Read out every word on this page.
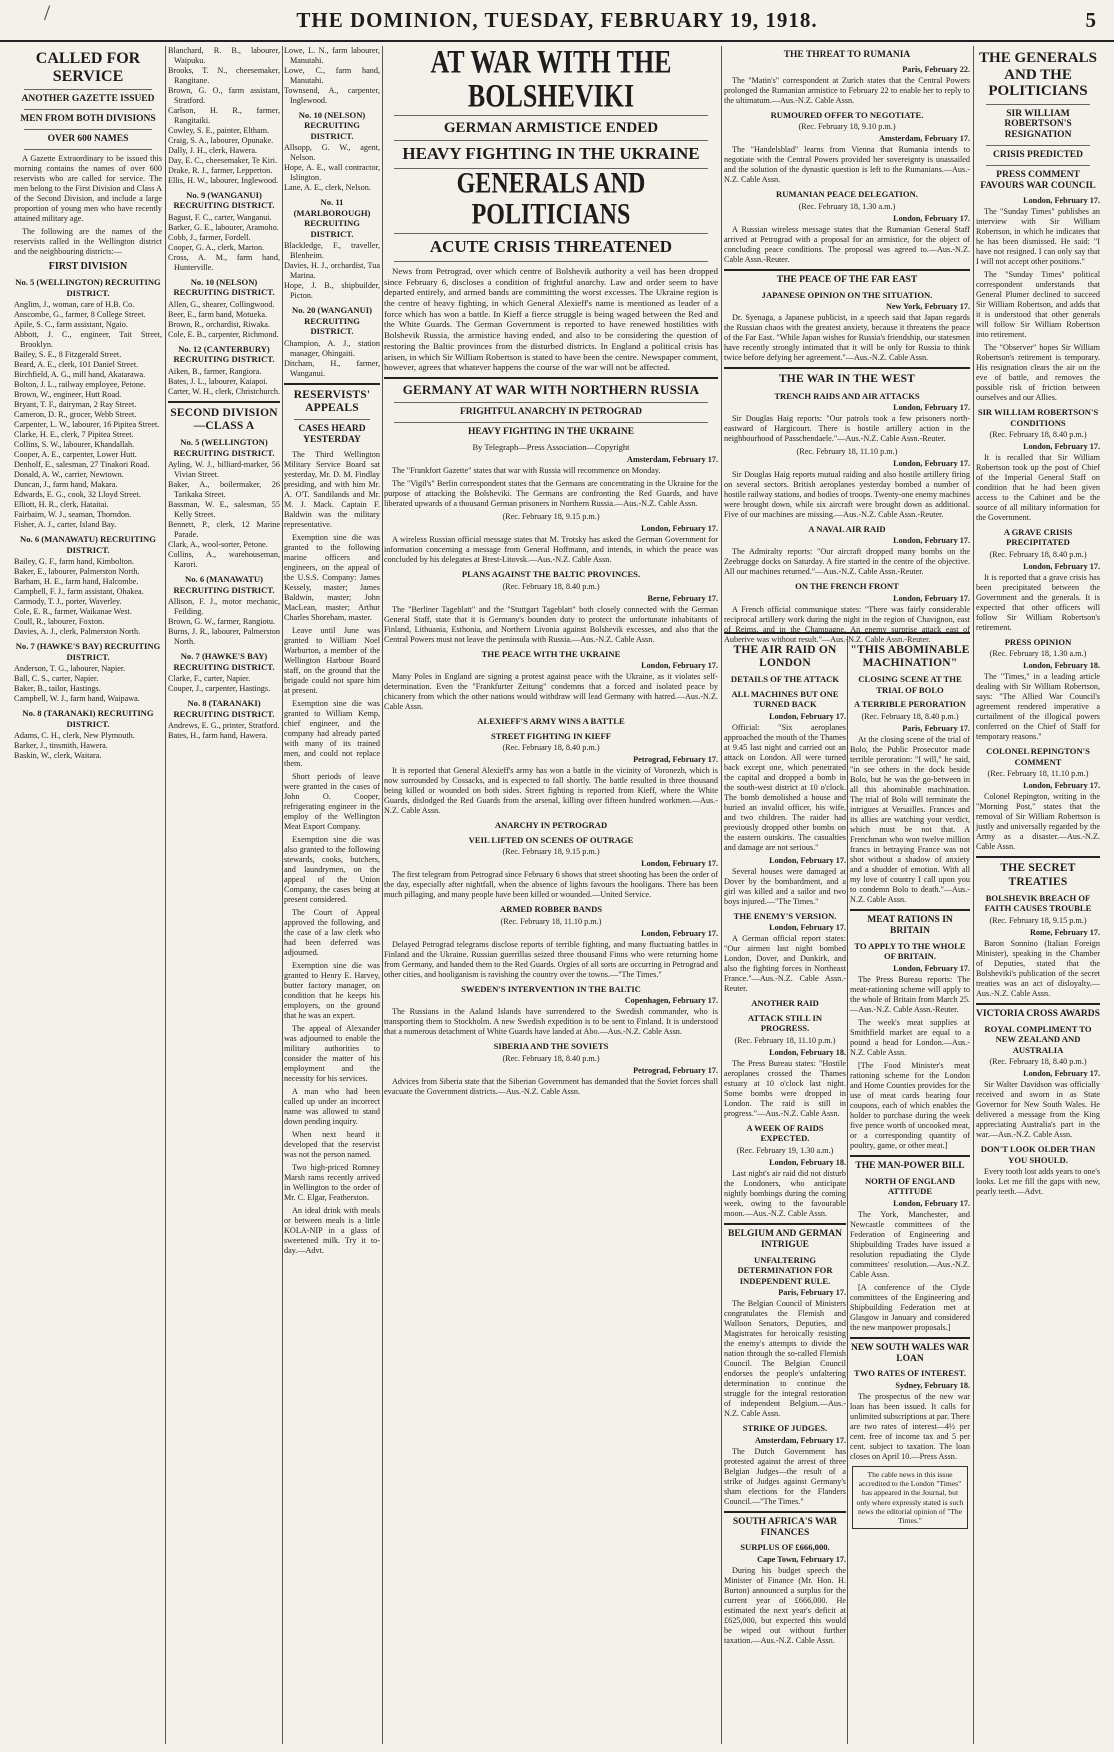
/	THE DOMINION, TUESDAY, FEBRUARY 19, 1918.	5
CALLED FOR SERVICE
ANOTHER GAZETTE ISSUED
MEN FROM BOTH DIVISIONS
OVER 600 NAMES

A Gazette Extraordinary to be issued this morning contains the names of over 600 reservists who are called for service. The men belong to the First Division and Class A of the Second Division, and include a large proportion of young men who have recently attained military age.

The following are the names of the reservists called in the Wellington district and the neighbouring districts:—

FIRST DIVISION
No. 5 (WELLINGTON) RECRUITING DISTRICT.
Anglim, J., woman, care of H.B. Co.
Anscombe, G., farmer, 8 College Street.
Apile, S. C., farm assistant, Ngaio.
Abbott, J. C., engineer, Tait Street, Brooklyn.
Bailey, S. E., 8 Fitzgerald Street.
Beard, A. E., clerk, 101 Daniel Street.
Birchfield, A. G., mill hand, Akatarawa.
Bolton, J. L., railway employee, Petone.
Brown, W., engineer, Hutt Road.
Bryant, T. F., dairyman, 2 Ray Street.
Cameron, D. R., grocer, Webb Street.
Carpenter, L. W., labourer, 16 Pipitea Street.
Clarke, H. E., clerk, 7 Pipitea Street.
Collins, S. W., labourer, Khandallah.
Cooper, A. E., carpenter, Lower Hutt.
Denholf, E., salesman, 27 Tinakori Road.
Donald, A. W., carrier, Newtown.
Duncan, J., farm hand, Makara.
Edwards, E. G., cook, 32 Lloyd Street.
Elliott, H. R., clerk, Hataitai.
Fairbairn, W. J., seaman, Thorndon.
Fisher, A. J., carter, Island Bay.
No. 6 (MANAWATU) RECRUITING DISTRICT.
Bailey, G. F., farm hand, Kimbolton.
Baker, E., labourer, Palmerston North.
Barham, H. E., farm hand, Halcombe.
Campbell, F. J., farm assistant, Ohakea.
Carmody, T. J., porter, Waverley.
Cole, E. R., farmer, Waikanae West.
Coull, R., labourer, Foxton.
Davies, A. J., clerk, Palmerston North.
No. 7 (HAWKE'S BAY) RECRUITING DISTRICT.
Anderson, T. G., labourer, Napier.
Ball, C. S., carter, Napier.
Baker, B., tailor, Hastings.
Campbell, W. J., farm hand, Waipawa.
No. 8 (TARANAKI) RECRUITING DISTRICT.
Adams, C. H., clerk, New Plymouth.
Barker, J., tinsmith, Hawera.
Baskin, W., clerk, Waitara.
Blanchard, R. B., labourer, Waipuku.
Brooks, T. N., cheesemaker, Rangitane.
Brown, G. O., farm assistant, Stratford.
Carlson, H. R., farmer, Rangitaiki.
Cowley, S. E., painter, Eltham.
Craig, S. A., labourer, Opunake.
Dally, J. H., clerk, Hawera.
Day, E. C., cheesemaker, Te Kiri.
Drake, R. J., farmer, Lepperton.
Ellis, H. W., labourer, Inglewood.
No. 9 (WANGANUI) RECRUITING DISTRICT.
Bagust, F. C., carter, Wanganui.
Barker, G. E., labourer, Aramoho.
Cobb, J., farmer, Fordell.
Cooper, G. A., clerk, Marton.
Cross, A. M., farm hand, Hunterville.
No. 10 (NELSON) RECRUITING DISTRICT.
Allen, G., shearer, Collingwood.
Beer, E., farm hand, Motueka.
Brown, R., orchardist, Riwaka.
Cole, E. B., carpenter, Richmond.
No. 12 (CANTERBURY) RECRUITING DISTRICT.
Aiken, B., farmer, Rangiora.
Bates, J. L., labourer, Kaiapoi.
Carter, W. H., clerk, Christchurch.
SECOND DIVISION—CLASS A
No. 5 (WELLINGTON) RECRUITING DISTRICT.
Ayling, W. J., billiard-marker, 56 Vivian Street.
Baker, A., boilermaker, 26 Tarikaka Street.
Bassman, W. E., salesman, 55 Kelly Street.
Bennett, P., clerk, 12 Marine Parade.
Clark, A., wool-sorter, Petone.
Collins, A., warehouseman, Karori.
No. 6 (MANAWATU) RECRUITING DISTRICT.
Allison, F. J., motor mechanic, Feilding.
Brown, G. W., farmer, Rangiotu.
Burns, J. R., labourer, Palmerston North.
No. 7 (HAWKE'S BAY) RECRUITING DISTRICT.
Clarke, F., carter, Napier.
Couper, J., carpenter, Hastings.
No. 8 (TARANAKI) RECRUITING DISTRICT.
Andrews, E. G., printer, Stratford.
Bates, H., farm hand, Hawera.
Lowe, L. N., farm labourer, Manutahi.
Lowe, C., farm hand, Manutahi.
Townsend, A., carpenter, Inglewood.
No. 10 (NELSON) RECRUITING DISTRICT.
Allsopp, G. W., agent, Nelson.
Hope, A. E., wall contractor, Islington.
Lane, A. E., clerk, Nelson.
No. 11 (MARLBOROUGH) RECRUITING DISTRICT.
Blackledge, F., traveller, Blenheim.
Davies, H. J., orchardist, Tua Marina.
Hope, J. B., shipbuilder, Picton.
No. 20 (WANGANUI) RECRUITING DISTRICT.
Champion, A. J., station manager, Ohingaiti.
Ditcham, H., farmer, Wanganui.
RESERVISTS' APPEALS
CASES HEARD YESTERDAY

The Third Wellington Military Service Board sat yesterday, Mr. D. M. Findlay presiding, and with him Mr. A. O'T. Sandilands and Mr. M. J. Mack. Captain F. Baldwin was the military representative.

Exemption sine die was granted to the following marine officers and engineers, on the appeal of the U.S.S. Company: James Kessely, master; James Baldwin, master; John MacLean, master; Arthur Charles Shoreham, master.

Leave until June was granted to William Noel Warburton, a member of the Wellington Harbour Board staff, on the ground that the brigade could not spare him at present.

Exemption sine die was granted to William Kemp, chief engineer, and the company had already parted with many of its trained men, and could not replace them.

Short periods of leave were granted in the cases of John O. Cooper, refrigerating engineer in the employ of the Wellington Meat Export Company.

Exemption sine die was also granted to the following stewards, cooks, butchers, and laundrymen, on the appeal of the Union Company, the cases being at present considered.

The Court of Appeal approved the following, and the case of a law clerk who had been deferred was adjourned.

Exemption sine die was granted to Henry E. Harvey, butter factory manager, on condition that he keeps his employers, on the ground that he was an expert.

The appeal of Alexander was adjourned to enable the military authorities to consider the matter of his employment and the necessity for his services.

A man who had been called up under an incorrect name was allowed to stand down pending inquiry.

When next heard it developed that the reservist was not the person named.

Two high-priced Romney Marsh rams recently arrived in Wellington to the order of Mr. C. Elgar, Featherston.

An ideal drink with meals or between meals is a little KOLA-NIP in a glass of sweetened milk. Try it to-day.—Advt.

AT WAR WITH THE BOLSHEVIKI
GERMAN ARMISTICE ENDED
HEAVY FIGHTING IN THE UKRAINE
GENERALS AND POLITICIANS
ACUTE CRISIS THREATENED

News from Petrograd, over which centre of Bolshevik authority a veil has been dropped since February 6, discloses a condition of frightful anarchy. Law and order seem to have departed entirely, and armed bands are committing the worst excesses. The Ukraine region is the centre of heavy fighting, in which General Alexieff's name is mentioned as leader of a force which has won a battle. In Kieff a fierce struggle is being waged between the Red and the White Guards. The German Government is reported to have renewed hostilities with Bolshevik Russia, the armistice having ended, and also to be considering the question of restoring the Baltic provinces from the disturbed districts. In England a political crisis has arisen, in which Sir William Robertson is stated to have been the centre. Newspaper comment, however, agrees that whatever happens the course of the war will not be affected.

GERMANY AT WAR WITH NORTHERN RUSSIA
FRIGHTFUL ANARCHY IN PETROGRAD
HEAVY FIGHTING IN THE UKRAINE
By Telegraph—Press Association—Copyright
Amsterdam, February 17.

The "Frankfort Gazette" states that war with Russia will recommence on Monday.

The "Vigil's" Berlin correspondent states that the Germans are concentrating in the Ukraine for the purpose of attacking the Bolsheviki. The Germans are confronting the Red Guards, and have liberated upwards of a thousand German prisoners in Northern Russia.—Aus.-N.Z. Cable Assn.

(Rec. February 18, 9.15 p.m.)
London, February 17.

A wireless Russian official message states that M. Trotsky has asked the German Government for information concerning a message from General Hoffmann, and intends, in which the peace was concluded by his delegates at Brest-Litovsk.—Aus.-N.Z. Cable Assn.

PLANS AGAINST THE BALTIC PROVINCES.
(Rec. February 18, 8.40 p.m.)
Berne, February 17.

The "Berliner Tageblatt" and the "Stuttgart Tageblatt" both closely connected with the German General Staff, state that it is Germany's bounden duty to protect the unfortunate inhabitants of Finland, Lithuania, Esthonia, and Northern Livonia against Bolshevik excesses, and also that the Central Powers must not leave the peninsula with Russia.—Aus.-N.Z. Cable Assn.

THE PEACE WITH THE UKRAINE
London, February 17.

Many Poles in England are signing a protest against peace with the Ukraine, as it violates self-determination. Even the "Frankfurter Zeitung" condemns that a forced and isolated peace by chicanery from which the other nations would withdraw will lead Germany with hatred.—Aus.-N.Z. Cable Assn.

ALEXIEFF'S ARMY WINS A BATTLE
STREET FIGHTING IN KIEFF
(Rec. February 18, 8.40 p.m.)
Petrograd, February 17.

It is reported that General Alexieff's army has won a battle in the vicinity of Voronezh, which is now surrounded by Cossacks, and is expected to fall shortly. The battle resulted in three thousand being killed or wounded on both sides. Street fighting is reported from Kieff, where the White Guards, dislodged the Red Guards from the arsenal, killing over fifteen hundred workmen.—Aus.-N.Z. Cable Assn.

ANARCHY IN PETROGRAD
VEIL LIFTED ON SCENES OF OUTRAGE
(Rec. February 18, 9.15 p.m.)
London, February 17.

The first telegram from Petrograd since February 6 shows that street shooting has been the order of the day, especially after nightfall, when the absence of lights favours the hooligans. There has been much pillaging, and many people have been killed or wounded.—United Service.

ARMED ROBBER BANDS
(Rec. February 18, 11.10 p.m.)
London, February 17.

Delayed Petrograd telegrams disclose reports of terrible fighting, and many fluctuating battles in Finland and the Ukraine. Russian guerrillas seized three thousand Finns who were returning home from Germany, and handed them to the Red Guards. Orgies of all sorts are occurring in Petrograd and other cities, and hooliganism is ravishing the country over the towns.—"The Times."

SWEDEN'S INTERVENTION IN THE BALTIC
Copenhagen, February 17.

The Russians in the Aaland Islands have surrendered to the Swedish commander, who is transporting them to Stockholm. A new Swedish expedition is to be sent to Finland. It is understood that a numerous detachment of White Guards have landed at Abo.—Aus.-N.Z. Cable Assn.

SIBERIA AND THE SOVIETS
(Rec. February 18, 8.40 p.m.)
Petrograd, February 17.

Advices from Siberia state that the Siberian Government has demanded that the Soviet forces shall evacuate the Government districts.—Aus.-N.Z. Cable Assn.

THE THREAT TO RUMANIA
Paris, February 22.

The "Matin's" correspondent at Zurich states that the Central Powers prolonged the Rumanian armistice to February 22 to enable her to reply to the ultimatum.—Aus.-N.Z. Cable Assn.

RUMOURED OFFER TO NEGOTIATE.
(Rec. February 18, 9.10 p.m.)
Amsterdam, February 17.

The "Handelsblad" learns from Vienna that Rumania intends to negotiate with the Central Powers provided her sovereignty is unassailed and the solution of the dynastic question is left to the Rumanians.—Aus.-N.Z. Cable Assn.

RUMANIAN PEACE DELEGATION.
(Rec. February 18, 1.30 a.m.)
London, February 17.

A Russian wireless message states that the Rumanian General Staff arrived at Petrograd with a proposal for an armistice, for the object of concluding peace conditions. The proposal was agreed to.—Aus.-N.Z. Cable Assn.-Reuter.

THE PEACE OF THE FAR EAST
JAPANESE OPINION ON THE SITUATION.
New York, February 17.

Dr. Syenaga, a Japanese publicist, in a speech said that Japan regards the Russian chaos with the greatest anxiety, because it threatens the peace of the Far East. "While Japan wishes for Russia's friendship, our statesmen have recently strongly intimated that it will be only for Russia to think twice before defying her agreement."—Aus.-N.Z. Cable Assn.

THE WAR IN THE WEST
TRENCH RAIDS AND AIR ATTACKS
London, February 17.

Sir Douglas Haig reports: "Our patrols took a few prisoners north-eastward of Hargicourt. There is hostile artillery action in the neighbourhood of Passchendaele."—Aus.-N.Z. Cable Assn.-Reuter.

(Rec. February 18, 11.10 p.m.)
London, February 17.

Sir Douglas Haig reports mutual raiding and also hostile artillery firing on several sectors. British aeroplanes yesterday bombed a number of hostile railway stations, and bodies of troops. Twenty-one enemy machines were brought down, while six aircraft were brought down as additional. Five of our machines are missing.—Aus.-N.Z. Cable Assn.-Reuter.

A NAVAL AIR RAID
London, February 17.

The Admiralty reports: "Our aircraft dropped many bombs on the Zeebrugge docks on Saturday. A fire started in the centre of the objective. All our machines returned."—Aus.-N.Z. Cable Assn.-Reuter.

ON THE FRENCH FRONT
London, February 17.

A French official communique states: "There was fairly considerable reciprocal artillery work during the night in the region of Chavignon, east of Reims, and in the Champagne. An enemy surprise attack east of Auberive was without result."—Aus.-N.Z. Cable Assn.-Reuter.

THE AIR RAID ON LONDON
DETAILS OF THE ATTACK
ALL MACHINES BUT ONE TURNED BACK
London, February 17.

Official: "Six aeroplanes approached the mouth of the Thames at 9.45 last night and carried out an attack on London. All were turned back except one, which penetrated the capital and dropped a bomb in the south-west district at 10 o'clock. The bomb demolished a house and buried an invalid officer, his wife, and two children. The raider had previously dropped other bombs on the eastern outskirts. The casualties and damage are not serious."

London, February 17.

Several houses were damaged at Dover by the bombardment, and a girl was killed and a sailor and two boys injured.—"The Times."

THE ENEMY'S VERSION.
London, February 17.

A German official report states: "Our airmen last night bombed London, Dover, and Dunkirk, and also the fighting forces in Northeast France."—Aus.-N.Z. Cable Assn.-Reuter.

ANOTHER RAID
ATTACK STILL IN PROGRESS.
(Rec. February 18, 11.10 p.m.)
London, February 18.

The Press Bureau states: "Hostile aeroplanes crossed the Thames estuary at 10 o'clock last night. Some bombs were dropped in London. The raid is still in progress."—Aus.-N.Z. Cable Assn.

A WEEK OF RAIDS EXPECTED.
(Rec. February 19, 1.30 a.m.)
London, February 18.

Last night's air raid did not disturb the Londoners, who anticipate nightly bombings during the coming week, owing to the favourable moon.—Aus.-N.Z. Cable Assn.

BELGIUM AND GERMAN INTRIGUE
UNFALTERING DETERMINATION FOR INDEPENDENT RULE.
Paris, February 17.

The Belgian Council of Ministers congratulates the Flemish and Walloon Senators, Deputies, and Magistrates for heroically resisting the enemy's attempts to divide the nation through the so-called Flemish Council. The Belgian Council endorses the people's unfaltering determination to continue the struggle for the integral restoration of independent Belgium.—Aus.-N.Z. Cable Assn.

STRIKE OF JUDGES.
Amsterdam, February 17.

The Dutch Government has protested against the arrest of three Belgian Judges—the result of a strike of Judges against Germany's sham elections for the Flanders Council.—"The Times."

SOUTH AFRICA'S WAR FINANCES
SURPLUS OF £666,000.
Cape Town, February 17.

During his budget speech the Minister of Finance (Mr. Hon. H. Burton) announced a surplus for the current year of £666,000. He estimated the next year's deficit at £625,000, but expected this would be wiped out without further taxation.—Aus.-N.Z. Cable Assn.

"THIS ABOMINABLE MACHINATION"
CLOSING SCENE AT THE TRIAL OF BOLO
A TERRIBLE PERORATION
(Rec. February 18, 8.40 p.m.)
Paris, February 17.

At the closing scene of the trial of Bolo, the Public Prosecutor made terrible peroration: "I will," he said, "in see others in the dock beside Bolo, but he was the go-between in all this abominable machination. The trial of Bolo will terminate the intrigues at Versailles. Frances and its allies are watching your verdict, which must be not that. A Frenchman who won twelve million francs in betraying France was not shot without a shadow of anxiety and a shudder of emotion. With all my love of country I call upon you to condemn Bolo to death."—Aus.-N.Z. Cable Assn.

MEAT RATIONS IN BRITAIN
TO APPLY TO THE WHOLE OF BRITAIN.
London, February 17.

The Press Bureau reports: The meat-rationing scheme will apply to the whole of Britain from March 25.—Aus.-N.Z. Cable Assn.-Reuter.

The week's meat supplies at Smithfield market are equal to a pound a head for London.—Aus.-N.Z. Cable Assn.

[The Food Minister's meat rationing scheme for the London and Home Counties provides for the use of meat cards bearing four coupons, each of which enables the holder to purchase during the week five pence worth of uncooked meat, or a corresponding quantity of poultry, game, or other meat.]

THE MAN-POWER BILL
NORTH OF ENGLAND ATTITUDE
London, February 17.

The York, Manchester, and Newcastle committees of the Federation of Engineering and Shipbuilding Trades have issued a resolution repudiating the Clyde committees' resolution.—Aus.-N.Z. Cable Assn.

[A conference of the Clyde committees of the Engineering and Shipbuilding Federation met at Glasgow in January and considered the new manpower proposals.]

NEW SOUTH WALES WAR LOAN
TWO RATES OF INTEREST.
Sydney, February 18.

The prospectus of the new war loan has been issued. It calls for unlimited subscriptions at par. There are two rates of interest—4½ per cent. free of income tax and 5 per cent. subject to taxation. The loan closes on April 10.—Press Assn.

The cable news in this issue accredited to the London "Times" has appeared in the Journal, but only where expressly stated is such news the editorial opinion of "The Times."
THE GENERALS AND THE POLITICIANS
SIR WILLIAM ROBERTSON'S RESIGNATION
CRISIS PREDICTED
PRESS COMMENT FAVOURS WAR COUNCIL
London, February 17.

The "Sunday Times" publishes an interview with Sir William Robertson, in which he indicates that he has been dismissed. He said: "I have not resigned. I can only say that I will not accept other positions."

The "Sunday Times" political correspondent understands that General Plumer declined to succeed Sir William Robertson, and adds that it is understood that other generals will follow Sir William Robertson into retirement.

The "Observer" hopes Sir William Robertson's retirement is temporary. His resignation clears the air on the eve of battle, and removes the possible risk of friction between ourselves and our Allies.

SIR WILLIAM ROBERTSON'S CONDITIONS
(Rec. February 18, 8.40 p.m.)
London, February 17.

It is recalled that Sir William Robertson took up the post of Chief of the Imperial General Staff on condition that he had been given access to the Cabinet and be the source of all military information for the Government.

A GRAVE CRISIS PRECIPITATED
(Rec. February 18, 8.40 p.m.)
London, February 17.

It is reported that a grave crisis has been precipitated between the Government and the generals. It is expected that other officers will follow Sir William Robertson's retirement.

PRESS OPINION
(Rec. February 18, 1.30 a.m.)
London, February 18.

The "Times," in a leading article dealing with Sir William Robertson, says: "The Allied War Council's agreement rendered imperative a curtailment of the illogical powers conferred on the Chief of Staff for temporary reasons."

COLONEL REPINGTON'S COMMENT
(Rec. February 18, 11.10 p.m.)
London, February 17.

Colonel Repington, writing in the "Morning Post," states that the removal of Sir William Robertson is justly and universally regarded by the Army as a disaster.—Aus.-N.Z. Cable Assn.

THE SECRET TREATIES
BOLSHEVIK BREACH OF FAITH CAUSES TROUBLE
(Rec. February 18, 9.15 p.m.)
Rome, February 17.

Baron Sonnino (Italian Foreign Minister), speaking in the Chamber of Deputies, stated that the Bolsheviki's publication of the secret treaties was an act of disloyalty.—Aus.-N.Z. Cable Assn.

VICTORIA CROSS AWARDS
ROYAL COMPLIMENT TO NEW ZEALAND AND AUSTRALIA
(Rec. February 18, 8.40 p.m.)
London, February 17.

Sir Walter Davidson was officially received and sworn in as State Governor for New South Wales. He delivered a message from the King appreciating Australia's part in the war.—Aus.-N.Z. Cable Assn.

DON'T LOOK OLDER THAN YOU SHOULD.

Every tooth lost adds years to one's looks. Let me fill the gaps with new, pearly teeth.—Advt.
